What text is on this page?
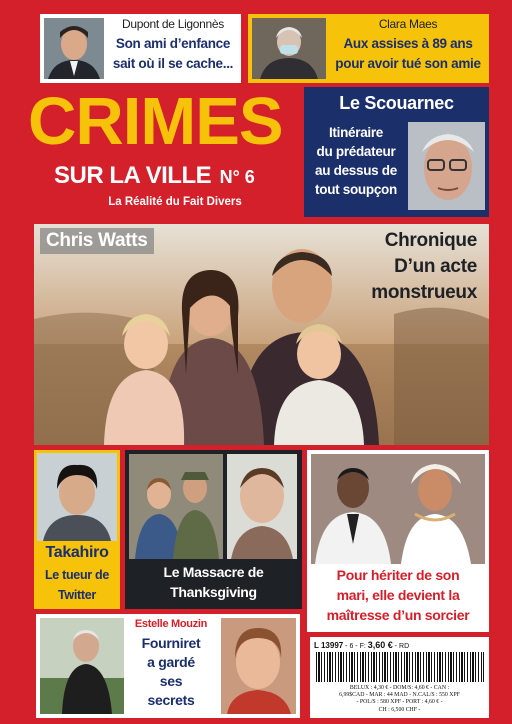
Dupont de Ligonnès
Son ami d’enfance
sait où il se cache...
Clara Maes
Aux assises à 89 ans
pour avoir tué son amie
CRIMES
SUR LA VILLE N° 6
La Réalité du Fait Divers
Le Scouarnec
Itinéraire
du prédateur
au dessus de
tout soupçon
Chris Watts	Chronique
D’un acte
monstrueux
Takahiro
Le tueur de
Twitter
Le Massacre de
Thanksgiving
Pour hériter de son
mari, elle devient la
maîtresse d’un sorcier
Estelle Mouzin
Fourniret
a gardé
ses
secrets
L 13997 - 6 - F: 3,60 € - RD
BELUX : 4,30 € - DOM/S: 4,60 € - CAN :
6,99$CAD - MAR : 44 MAD - N.CAL/S : 550 XPF
- POL/S : 580 XPF - PORT : 4,60 € -
CH : 6,500 CHF -
